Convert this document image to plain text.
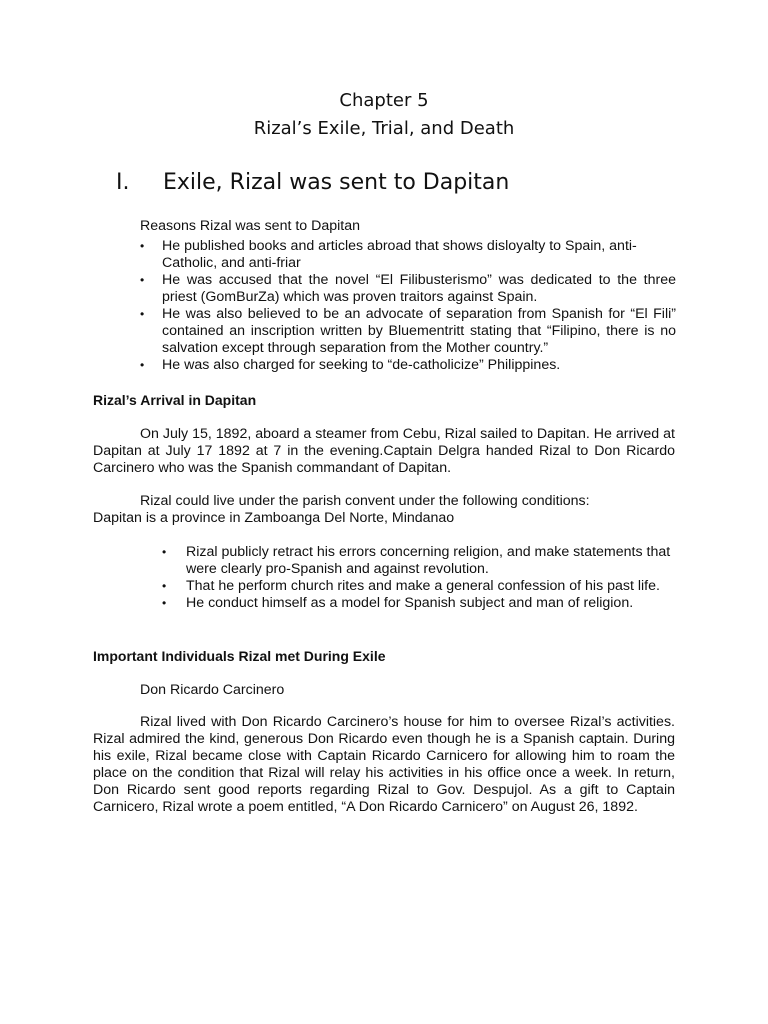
Chapter 5
Rizal’s Exile, Trial, and Death
I. Exile, Rizal was sent to Dapitan
Reasons Rizal was sent to Dapitan
• He published books and articles abroad that shows disloyalty to Spain, anti-Catholic, and anti-friar
• He was accused that the novel “El Filibusterismo” was dedicated to the three priest (GomBurZa) which was proven traitors against Spain.
• He was also believed to be an advocate of separation from Spanish for “El Fili” contained an inscription written by Bluementritt stating that “Filipino, there is no salvation except through separation from the Mother country.”
• He was also charged for seeking to “de-catholicize” Philippines.
Rizal’s Arrival in Dapitan
On July 15, 1892, aboard a steamer from Cebu, Rizal sailed to Dapitan. He arrived at Dapitan at July 17 1892 at 7 in the evening.Captain Delgra handed Rizal to Don Ricardo Carcinero who was the Spanish commandant of Dapitan.
Rizal could live under the parish convent under the following conditions:
Dapitan is a province in Zamboanga Del Norte, Mindanao
• Rizal publicly retract his errors concerning religion, and make statements that were clearly pro-Spanish and against revolution.
• That he perform church rites and make a general confession of his past life.
• He conduct himself as a model for Spanish subject and man of religion.
Important Individuals Rizal met During Exile
Don Ricardo Carcinero
Rizal lived with Don Ricardo Carcinero’s house for him to oversee Rizal’s activities. Rizal admired the kind, generous Don Ricardo even though he is a Spanish captain. During his exile, Rizal became close with Captain Ricardo Carnicero for allowing him to roam the place on the condition that Rizal will relay his activities in his office once a week. In return, Don Ricardo sent good reports regarding Rizal to Gov. Despujol. As a gift to Captain Carnicero, Rizal wrote a poem entitled, “A Don Ricardo Carnicero” on August 26, 1892.
